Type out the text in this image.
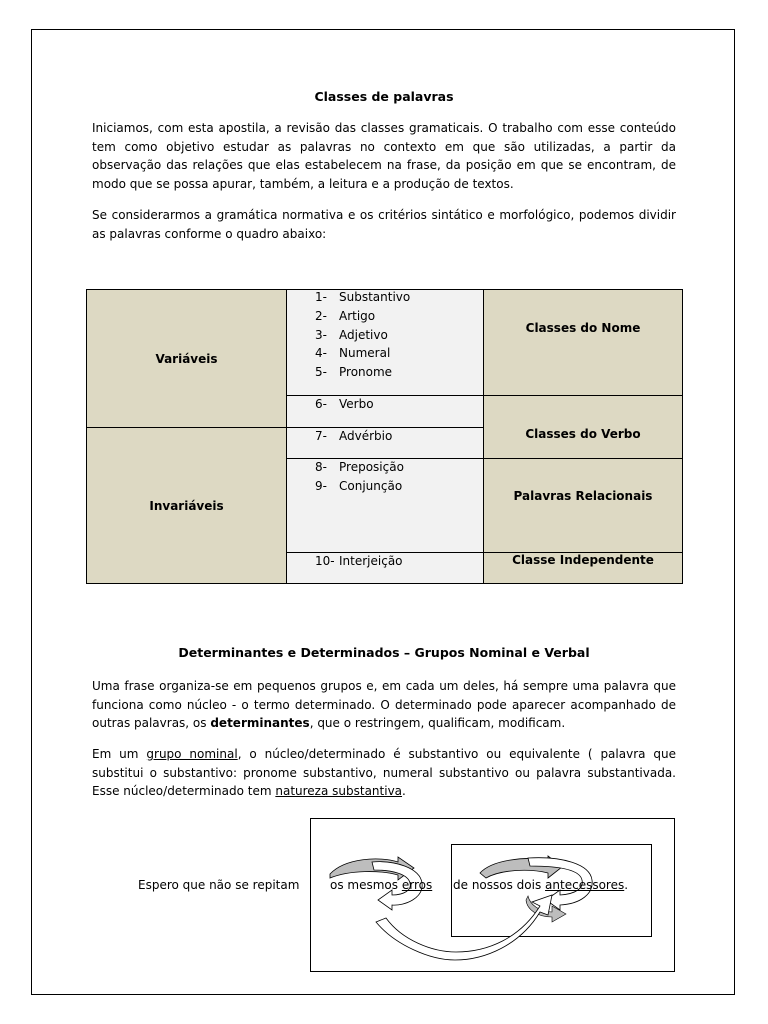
Classes de palavras

Iniciamos, com esta apostila, a revisão das classes gramaticais. O trabalho com esse conteúdo tem como objetivo estudar as palavras no contexto em que são utilizadas, a partir da observação das relações que elas estabelecem na frase, da posição em que se encontram, de modo que se possa apurar, também, a leitura e a produção de textos.

Se considerarmos a gramática normativa e os critérios sintático e morfológico, podemos dividir as palavras conforme o quadro abaixo:

Variáveis
Invariáveis
1- Substantivo
2- Artigo
3- Adjetivo
4- Numeral
5- Pronome
6- Verbo
7- Advérbio
8- Preposição
9- Conjunção
10- Interjeição
Classes do Nome
Classes do Verbo
Palavras Relacionais
Classe Independente
Determinantes e Determinados – Grupos Nominal e Verbal

Uma frase organiza-se em pequenos grupos e, em cada um deles, há sempre uma palavra que funciona como núcleo - o termo determinado. O determinado pode aparecer acompanhado de outras palavras, os determinantes, que o restringem, qualificam, modificam.

Em um grupo nominal, o núcleo/determinado é substantivo ou equivalente ( palavra que substitui o substantivo: pronome substantivo, numeral substantivo ou palavra substantivada. Esse núcleo/determinado tem natureza substantiva.

Espero que não se repitam	os mesmos erros de nossos dois antecessores.
